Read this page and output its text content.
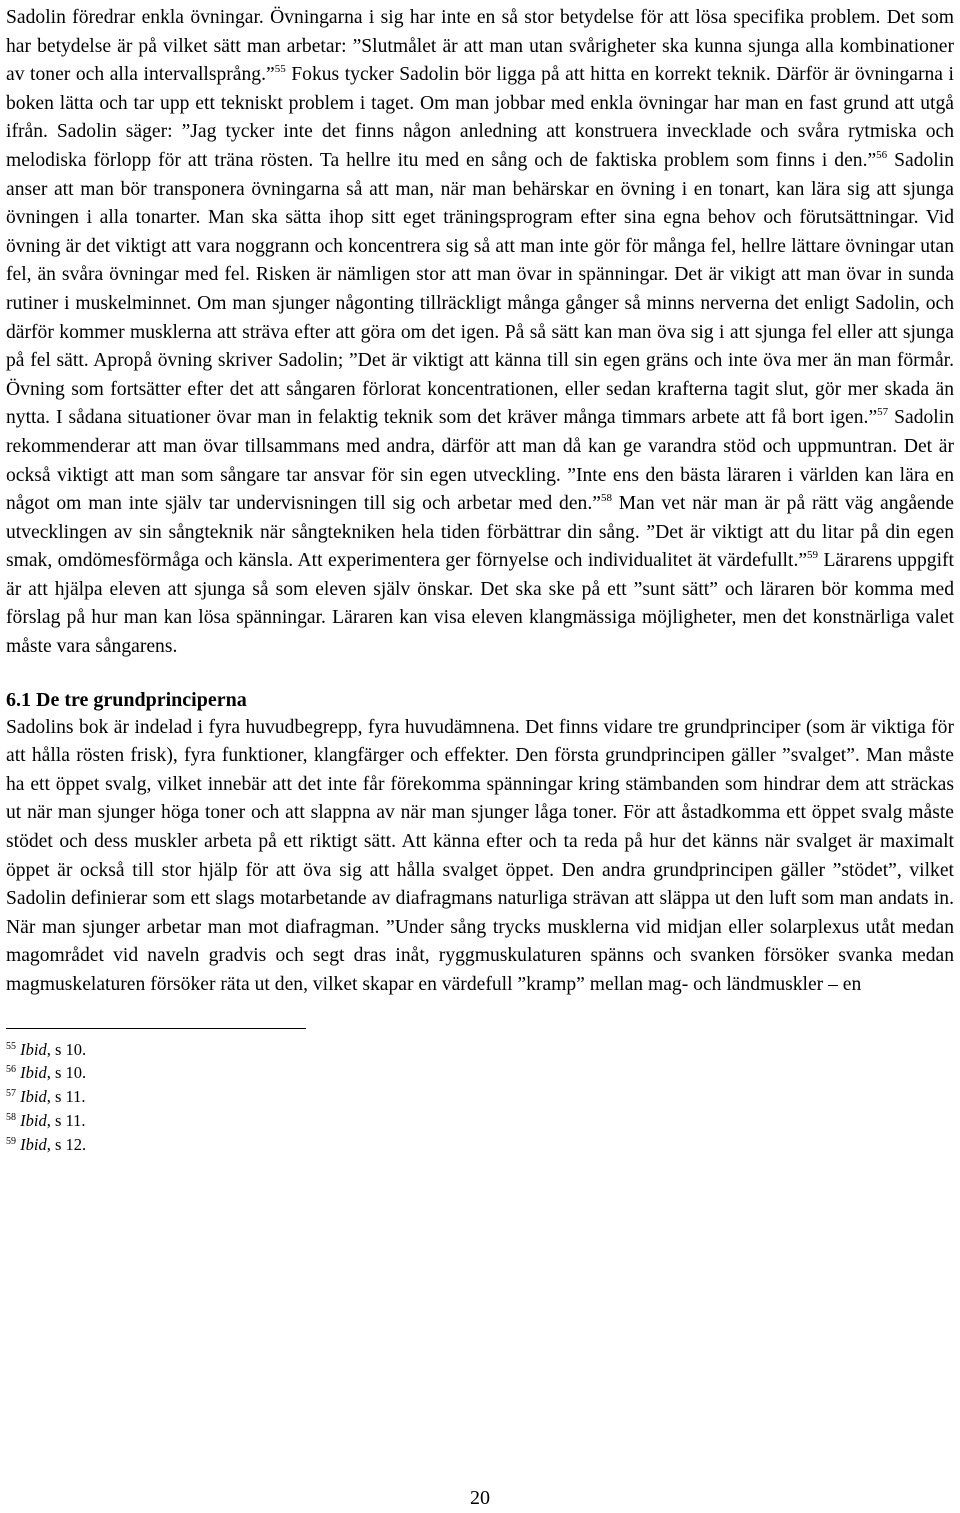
Sadolin föredrar enkla övningar. Övningarna i sig har inte en så stor betydelse för att lösa specifika problem. Det som har betydelse är på vilket sätt man arbetar: ”Slutmålet är att man utan svårigheter ska kunna sjunga alla kombinationer av toner och alla intervallsprång.”$^{55}$ Fokus tycker Sadolin bör ligga på att hitta en korrekt teknik. Därför är övningarna i boken lätta och tar upp ett tekniskt problem i taget. Om man jobbar med enkla övningar har man en fast grund att utgå ifrån. Sadolin säger: ”Jag tycker inte det finns någon anledning att konstruera invecklade och svåra rytmiska och melodiska förlopp för att träna rösten. Ta hellre itu med en sång och de faktiska problem som finns i den.”$^{56}$ Sadolin anser att man bör transponera övningarna så att man, när man behärskar en övning i en tonart, kan lära sig att sjunga övningen i alla tonarter. Man ska sätta ihop sitt eget träningsprogram efter sina egna behov och förutsättningar. Vid övning är det viktigt att vara noggrann och koncentrera sig så att man inte gör för många fel, hellre lättare övningar utan fel, än svåra övningar med fel. Risken är nämligen stor att man övar in spänningar. Det är vikigt att man övar in sunda rutiner i muskelminnet. Om man sjunger någonting tillräckligt många gånger så minns nerverna det enligt Sadolin, och därför kommer musklerna att sträva efter att göra om det igen. På så sätt kan man öva sig i att sjunga fel eller att sjunga på fel sätt. Apropå övning skriver Sadolin; ”Det är viktigt att känna till sin egen gräns och inte öva mer än man förmår. Övning som fortsätter efter det att sångaren förlorat koncentrationen, eller sedan krafterna tagit slut, gör mer skada än nytta. I sådana situationer övar man in felaktig teknik som det kräver många timmars arbete att få bort igen.”$^{57}$ Sadolin rekommenderar att man övar tillsammans med andra, därför att man då kan ge varandra stöd och uppmuntran. Det är också viktigt att man som sångare tar ansvar för sin egen utveckling. ”Inte ens den bästa läraren i världen kan lära en något om man inte själv tar undervisningen till sig och arbetar med den.”$^{58}$ Man vet när man är på rätt väg angående utvecklingen av sin sångteknik när sångtekniken hela tiden förbättrar din sång. ”Det är viktigt att du litar på din egen smak, omdömesförmåga och känsla. Att experimentera ger förnyelse och individualitet ät värdefullt.”$^{59}$ Lärarens uppgift är att hjälpa eleven att sjunga så som eleven själv önskar. Det ska ske på ett ”sunt sätt” och läraren bör komma med förslag på hur man kan lösa spänningar. Läraren kan visa eleven klangmässiga möjligheter, men det konstnärliga valet måste vara sångarens.

6.1 De tre grundprinciperna

Sadolins bok är indelad i fyra huvudbegrepp, fyra huvudämnena. Det finns vidare tre grundprinciper (som är viktiga för att hålla rösten frisk), fyra funktioner, klangfärger och effekter. Den första grundprincipen gäller ”svalget”. Man måste ha ett öppet svalg, vilket innebär att det inte får förekomma spänningar kring stämbanden som hindrar dem att sträckas ut när man sjunger höga toner och att slappna av när man sjunger låga toner. För att åstadkomma ett öppet svalg måste stödet och dess muskler arbeta på ett riktigt sätt. Att känna efter och ta reda på hur det känns när svalget är maximalt öppet är också till stor hjälp för att öva sig att hålla svalget öppet. Den andra grundprincipen gäller ”stödet”, vilket Sadolin definierar som ett slags motarbetande av diafragmans naturliga strävan att släppa ut den luft som man andats in. När man sjunger arbetar man mot diafragman. ”Under sång trycks musklerna vid midjan eller solarplexus utåt medan magområdet vid naveln gradvis och segt dras inåt, ryggmuskulaturen spänns och svanken försöker svanka medan magmuskelaturen försöker räta ut den, vilket skapar en värdefull ”kramp” mellan mag- och ländmuskler – en

$^{55}$ Ibid, s 10.
$^{56}$ Ibid, s 10.
$^{57}$ Ibid, s 11.
$^{58}$ Ibid, s 11.
$^{59}$ Ibid, s 12.
20
